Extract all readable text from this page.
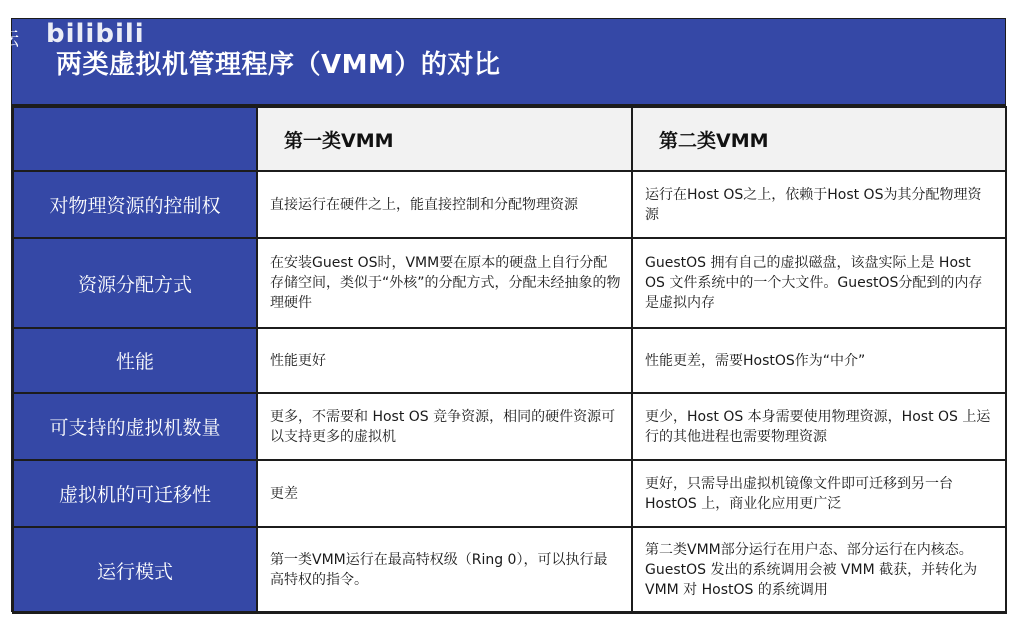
坛 bilibili
两类虚拟机管理程序（VMM）的对比
	第一类VMM	第二类VMM
对物理资源的控制权	直接运行在硬件之上，能直接控制和分配物理资源	运行在Host OS之上，依赖于Host OS为其分配物理资源
资源分配方式	在安装Guest OS时，VMM要在原本的硬盘上自行分配存储空间，类似于“外核”的分配方式，分配未经抽象的物理硬件	GuestOS 拥有自己的虚拟磁盘，该盘实际上是 Host OS 文件系统中的一个大文件。GuestOS分配到的内存是虚拟内存
性能	性能更好	性能更差，需要HostOS作为“中介”
可支持的虚拟机数量	更多，不需要和 Host OS 竞争资源，相同的硬件资源可以支持更多的虚拟机	更少，Host OS 本身需要使用物理资源，Host OS 上运行的其他进程也需要物理资源
虚拟机的可迁移性	更差	更好，只需导出虚拟机镜像文件即可迁移到另一台 HostOS 上，商业化应用更广泛
运行模式	第一类VMM运行在最高特权级（Ring 0），可以执行最高特权的指令。	第二类VMM部分运行在用户态、部分运行在内核态。GuestOS 发出的系统调用会被 VMM 截获，并转化为 VMM 对 HostOS 的系统调用
